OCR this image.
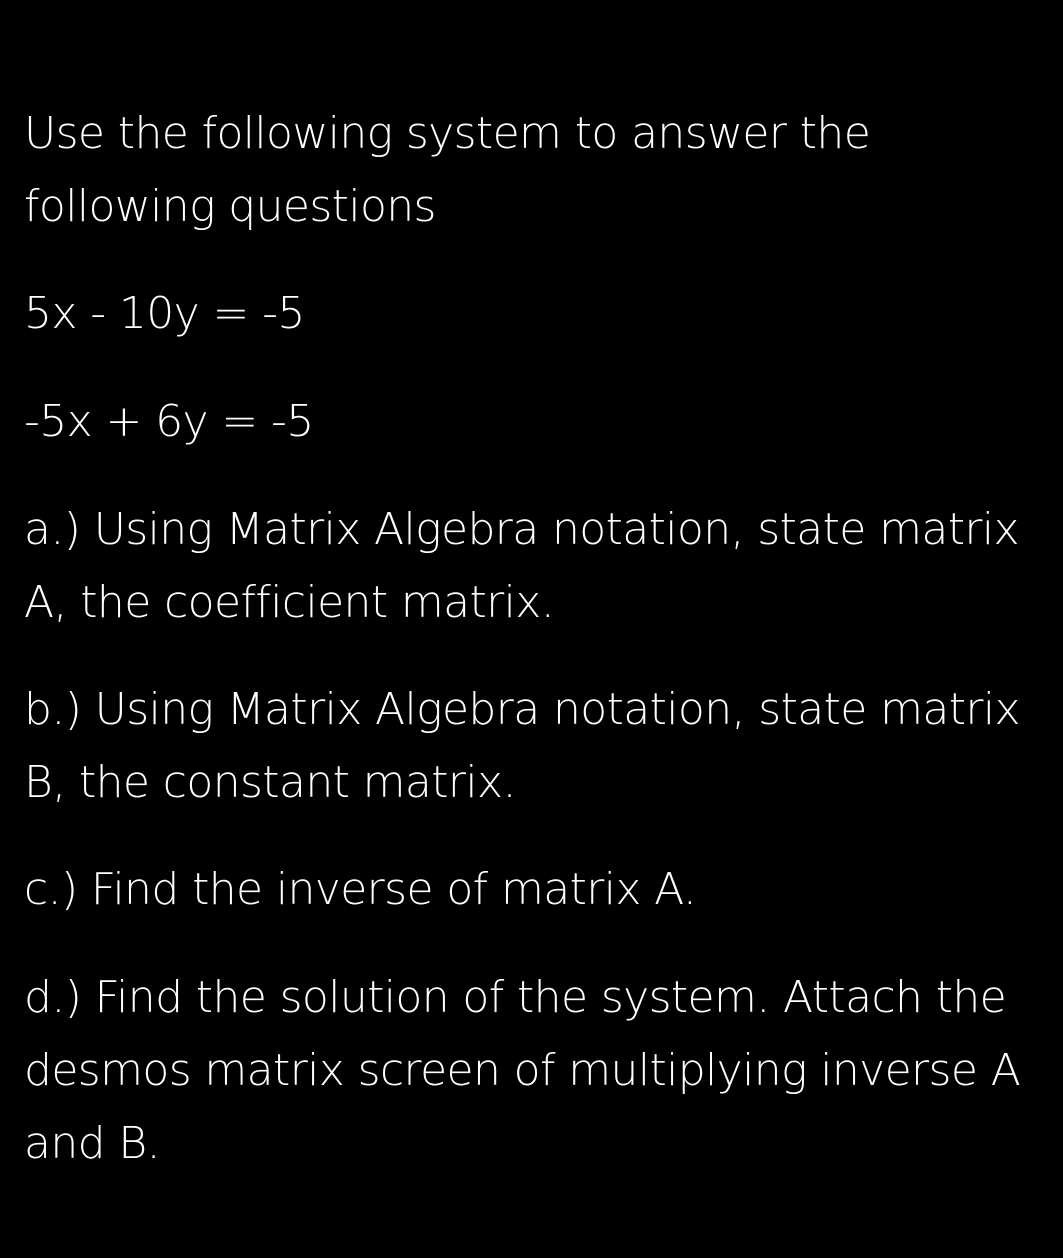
Use the following system to answer the following questions

5x - 10y = -5

-5x + 6y = -5

a.) Using Matrix Algebra notation, state matrix A, the coefficient matrix.

b.) Using Matrix Algebra notation, state matrix B, the constant matrix.

c.) Find the inverse of matrix A.

d.) Find the solution of the system. Attach the desmos matrix screen of multiplying inverse A and B.
